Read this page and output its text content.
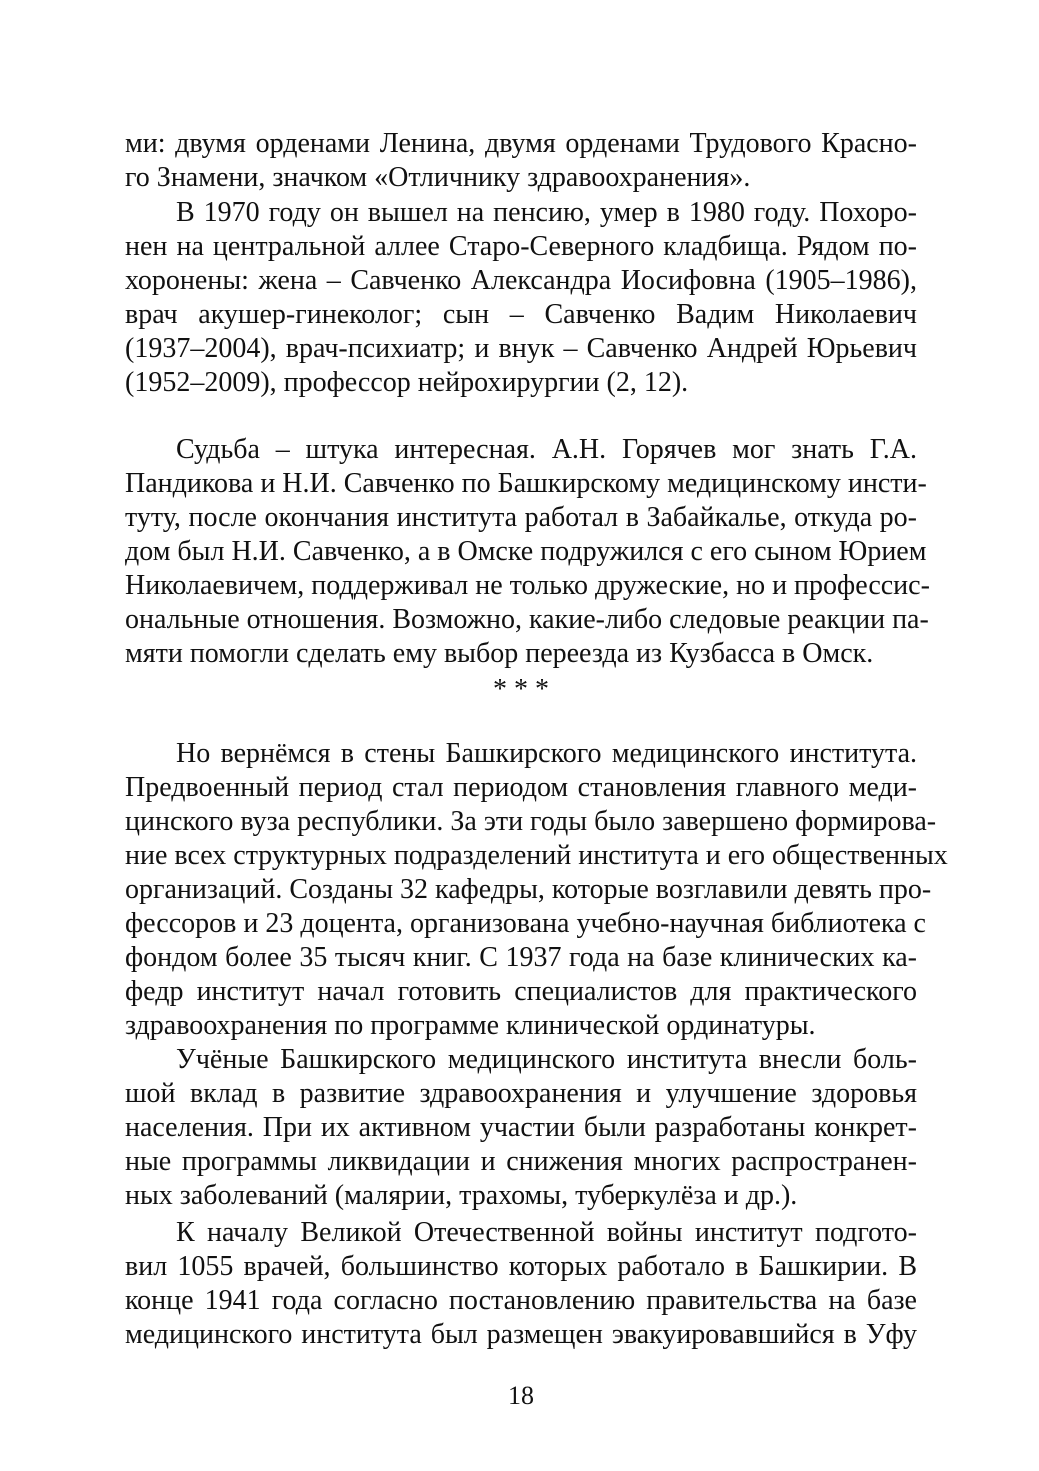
ми: двумя орденами Ленина, двумя орденами Трудового Красно-
го Знамени, значком «Отличнику здравоохранения».
В 1970 году он вышел на пенсию, умер в 1980 году. Похоро-
нен на центральной аллее Старо-Северного кладбища. Рядом по-
хоронены: жена – Савченко Александра Иосифовна (1905–1986),
врач акушер-гинеколог; сын – Савченко Вадим Николаевич
(1937–2004), врач-психиатр; и внук – Савченко Андрей Юрьевич
(1952–2009), профессор нейрохирургии (2, 12).
Судьба – штука интересная. А.Н. Горячев мог знать Г.А.
Пандикова и Н.И. Савченко по Башкирскому медицинскому инсти-
туту, после окончания института работал в Забайкалье, откуда ро-
дом был Н.И. Савченко, а в Омске подружился с его сыном Юрием
Николаевичем, поддерживал не только дружеские, но и профессис-
ональные отношения. Возможно, какие-либо следовые реакции па-
мяти помогли сделать ему выбор переезда из Кузбасса в Омск.
* * *
Но вернёмся в стены Башкирского медицинского института.
Предвоенный период стал периодом становления главного меди-
цинского вуза республики. За эти годы было завершено формирова-
ние всех структурных подразделений института и его общественных
организаций. Созданы 32 кафедры, которые возглавили девять про-
фессоров и 23 доцента, организована учебно-научная библиотека с
фондом более 35 тысяч книг. С 1937 года на базе клинических ка-
федр институт начал готовить специалистов для практического
здравоохранения по программе клинической ординатуры.
Учёные Башкирского медицинского института внесли боль-
шой вклад в развитие здравоохранения и улучшение здоровья
населения. При их активном участии были разработаны конкрет-
ные программы ликвидации и снижения многих распространен-
ных заболеваний (малярии, трахомы, туберкулёза и др.).
К началу Великой Отечественной войны институт подгото-
вил 1055 врачей, большинство которых работало в Башкирии. В
конце 1941 года согласно постановлению правительства на базе
медицинского института был размещен эвакуировавшийся в Уфу
18
